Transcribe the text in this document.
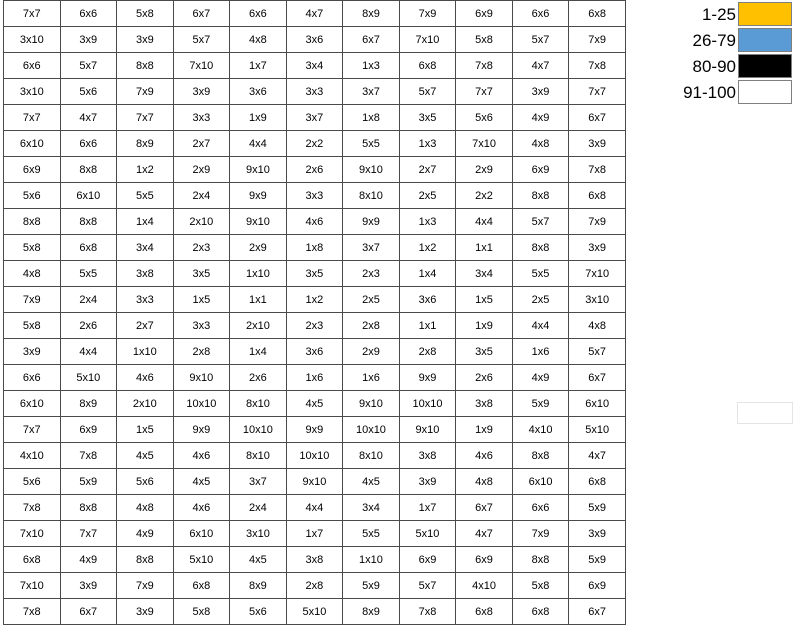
7x7	6x6	5x8	6x7	6x6	4x7	8x9	7x9	6x9	6x6	6x8
3x10	3x9	3x9	5x7	4x8	3x6	6x7	7x10	5x8	5x7	7x9
6x6	5x7	8x8	7x10	1x7	3x4	1x3	6x8	7x8	4x7	7x8
3x10	5x6	7x9	3x9	3x6	3x3	3x7	5x7	7x7	3x9	7x7
7x7	4x7	7x7	3x3	1x9	3x7	1x8	3x5	5x6	4x9	6x7
6x10	6x6	8x9	2x7	4x4	2x2	5x5	1x3	7x10	4x8	3x9
6x9	8x8	1x2	2x9	9x10	2x6	9x10	2x7	2x9	6x9	7x8
5x6	6x10	5x5	2x4	9x9	3x3	8x10	2x5	2x2	8x8	6x8
8x8	8x8	1x4	2x10	9x10	4x6	9x9	1x3	4x4	5x7	7x9
5x8	6x8	3x4	2x3	2x9	1x8	3x7	1x2	1x1	8x8	3x9
4x8	5x5	3x8	3x5	1x10	3x5	2x3	1x4	3x4	5x5	7x10
7x9	2x4	3x3	1x5	1x1	1x2	2x5	3x6	1x5	2x5	3x10
5x8	2x6	2x7	3x3	2x10	2x3	2x8	1x1	1x9	4x4	4x8
3x9	4x4	1x10	2x8	1x4	3x6	2x9	2x8	3x5	1x6	5x7
6x6	5x10	4x6	9x10	2x6	1x6	1x6	9x9	2x6	4x9	6x7
6x10	8x9	2x10	10x10	8x10	4x5	9x10	10x10	3x8	5x9	6x10
7x7	6x9	1x5	9x9	10x10	9x9	10x10	9x10	1x9	4x10	5x10
4x10	7x8	4x5	4x6	8x10	10x10	8x10	3x8	4x6	8x8	4x7
5x6	5x9	5x6	4x5	3x7	9x10	4x5	3x9	4x8	6x10	6x8
7x8	8x8	4x8	4x6	2x4	4x4	3x4	1x7	6x7	6x6	5x9
7x10	7x7	4x9	6x10	3x10	1x7	5x5	5x10	4x7	7x9	3x9
6x8	4x9	8x8	5x10	4x5	3x8	1x10	6x9	6x9	8x8	5x9
7x10	3x9	7x9	6x8	8x9	2x8	5x9	5x7	4x10	5x8	6x9
7x8	6x7	3x9	5x8	5x6	5x10	8x9	7x8	6x8	6x8	6x7
1-25
26-79
80-90
91-100
